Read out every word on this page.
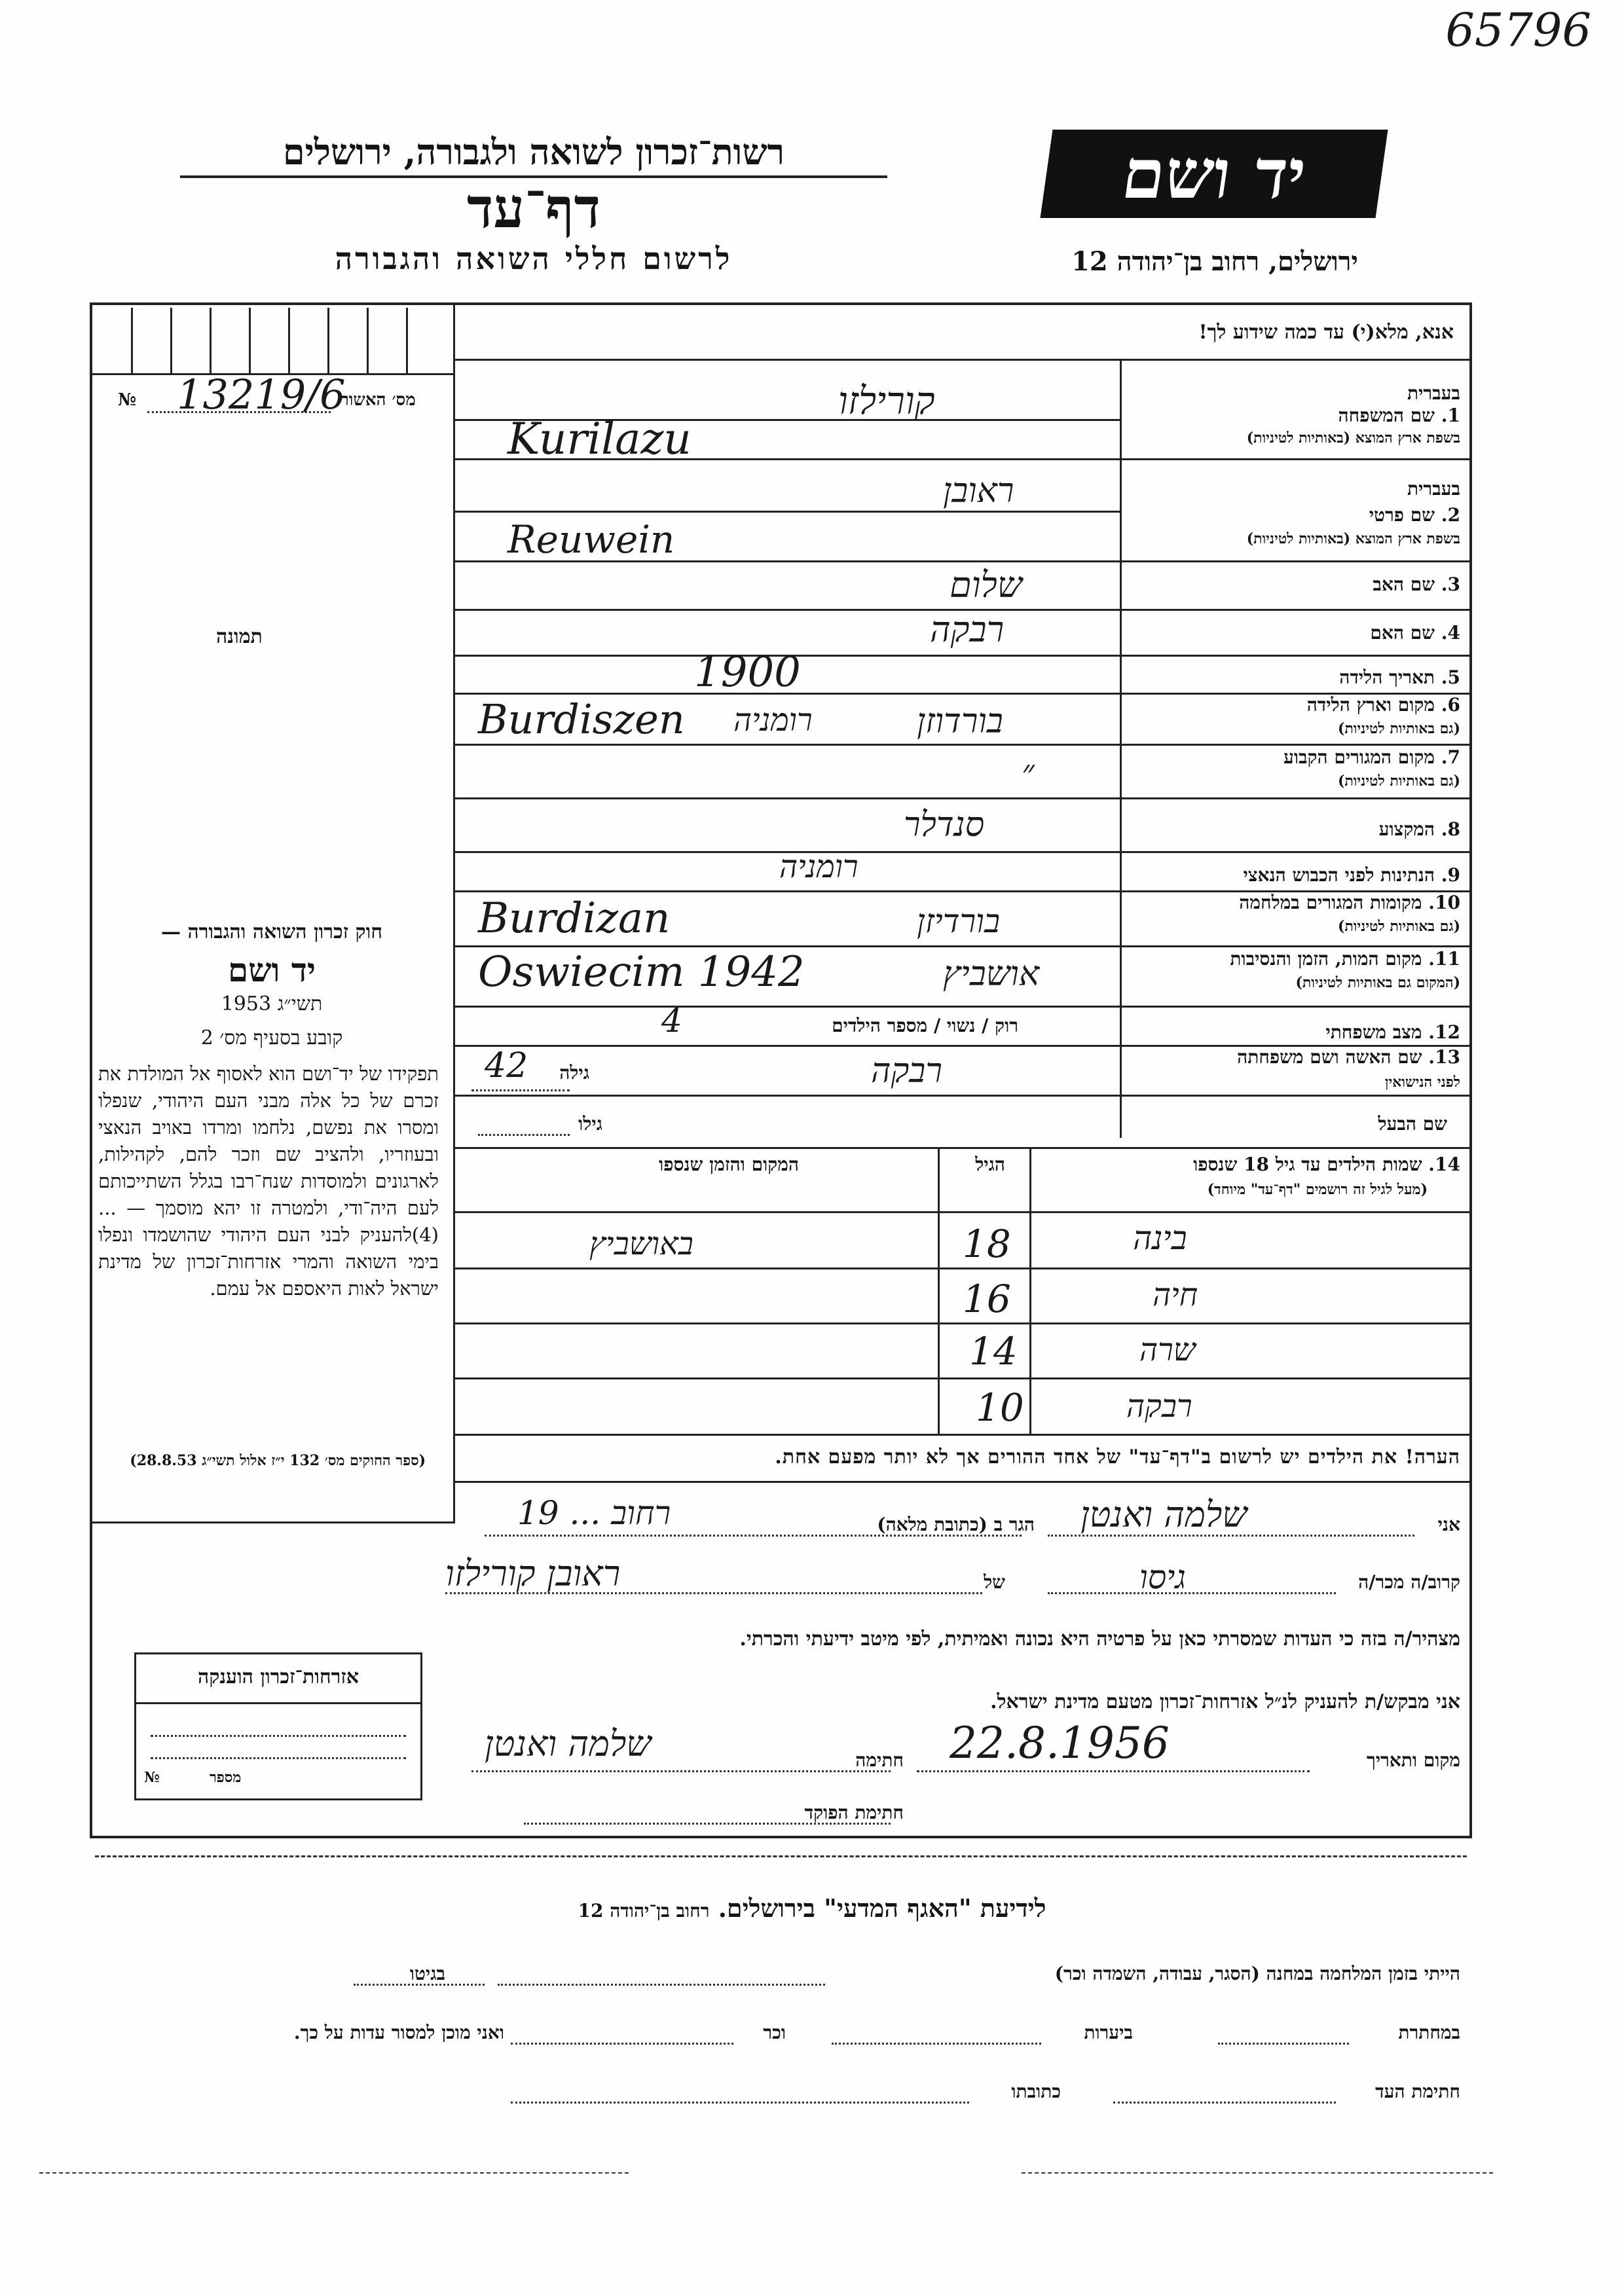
65796
רשות־זכרון לשואה ולגבורה, ירושלים
דף־עד
לרשום חללי השואה והגבורה
יד ושם
ירושלים, רחוב בן־יהודה 12
מס׳ האשור
№ 13219/6
תמונה
אנא, מלא(י) עד כמה שידוע לך!
בעברית
1. שם המשפחה
בשפת ארץ המוצא (באותיות לטיניות)
בעברית
2. שם פרטי
בשפת ארץ המוצא (באותיות לטיניות)
3. שם האב
4. שם האם
5. תאריך הלידה
6. מקום וארץ הלידה
(גם באותיות לטיניות)
7. מקום המגורים הקבוע
(גם באותיות לטיניות)
8. המקצוע
9. הנתינות לפני הכבוש הנאצי
10. מקומות המגורים במלחמה
(גם באותיות לטיניות)
11. מקום המות, הזמן והנסיבות
(המקום גם באותיות לטיניות)
12. מצב משפחתי
13. שם האשה ושם משפחתה
לפני הנישואין
קורילזו
Kurilazu
ראובן
Reuwein
שלום
רבקה
1900
בורדוזן
רומניה
Burdiszen
״
סנדלר
רומניה
בורדיזן
Burdizan
אושביץ
Oswiecim 1942
רוק / נשוי / מספר הילדים
4
גילה
42	רבקה
שם הבעל
גילו
14. שמות הילדים עד גיל 18 שנספו
(מעל לגיל זה רושמים "דף־עד" מיוחד)
הגיל
המקום והזמן שנספו
בינה
18
באושביץ
חיה
16
שרה
14
רבקה
10
הערה! את הילדים יש לרשום ב"דף־עד" של אחד ההורים אך לא יותר מפעם אחת.
חוק זכרון השואה והגבורה —
יד ושם
תשי״ג 1953
קובע בסעיף מס׳ 2
תפקידו של יד־ושם הוא לאסוף אל המולדת את זכרם של כל אלה מבני העם היהודי, שנפלו ומסרו את נפשם, נלחמו ומרדו באויב הנאצי ובעוזריו, ולהציב שם וזכר להם, לקהילות, לארגונים ולמוסדות שנח־רבו בגלל השתייכותם לעם היה־ודי, ולמטרה זו יהא מוסמך — ...(4)להעניק לבני העם היהודי שהושמדו ונפלו בימי השואה והמרי אזרחות־זכרון של מדינת ישראל לאות היאספם אל עמם.
(ספר החוקים מס׳ 132 י״ז אלול תשי״ג 28.8.53)
אני
שלמה ואנטן
הגר ב (כתובת מלאה)
רחוב ... 19
קרוב/ה מכר/ה
גיסו
של
ראובן קורילזו
מצהיר/ה בזה כי העדות שמסרתי כאן על פרטיה היא נכונה ואמיתית, לפי מיטב ידיעתי והכרתי.
אני מבקש/ת להעניק לנ״ל אזרחות־זכרון מטעם מדינת ישראל.
מקום ותאריך
22.8.1956
חתימה
שלמה ואנטן
חתימת הפוקד
אזרחות־זכרון הוענקה
מספר
№
לידיעת "האגף המדעי" בירושלים. רחוב בן־יהודה 12
הייתי בזמן המלחמה במחנה (הסגר, עבודה, השמדה וכר)
בגיטו
במחתרת
ביערות
וכר
ואני מוכן למסור עדות על כך.
חתימת העד
כתובתו
